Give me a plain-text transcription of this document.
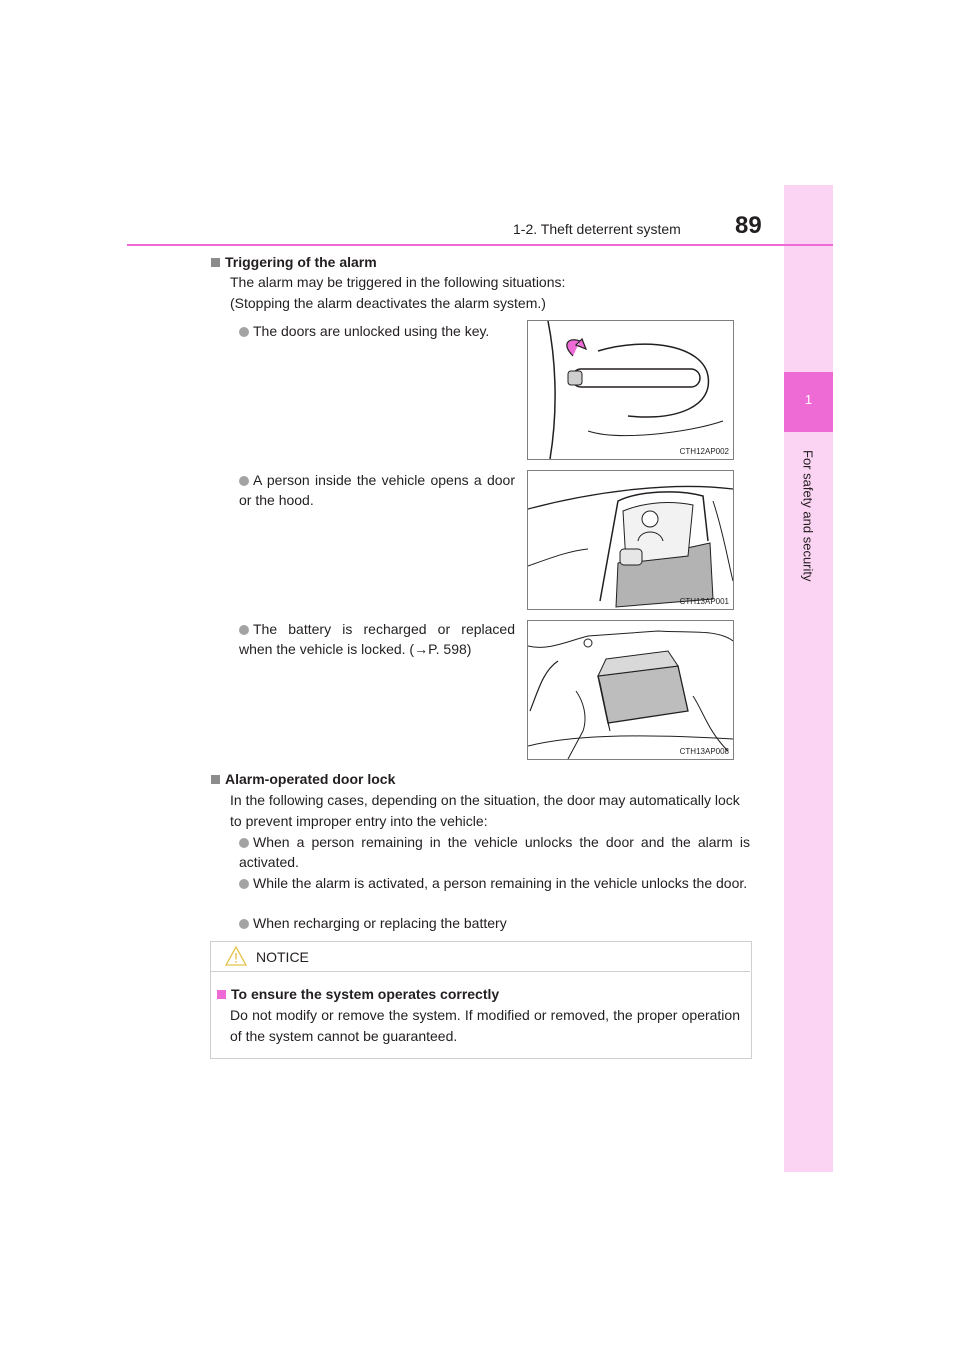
1
For safety and security
1-2. Theft deterrent system 89
Triggering of the alarm
The alarm may be triggered in the following situations:
(Stopping the alarm deactivates the alarm system.)
The doors are unlocked using the key.
CTH12AP002
A person inside the vehicle opens a door or the hood.
CTH13AP001
The battery is recharged or replaced when the vehicle is locked. (→P. 598)
CTH13AP008
Alarm-operated door lock
In the following cases, depending on the situation, the door may automatically lock to prevent improper entry into the vehicle:
When a person remaining in the vehicle unlocks the door and the alarm is activated.
While the alarm is activated, a person remaining in the vehicle unlocks the door.
When recharging or replacing the battery
NOTICE
To ensure the system operates correctly
Do not modify or remove the system. If modified or removed, the proper operation of the system cannot be guaranteed.
